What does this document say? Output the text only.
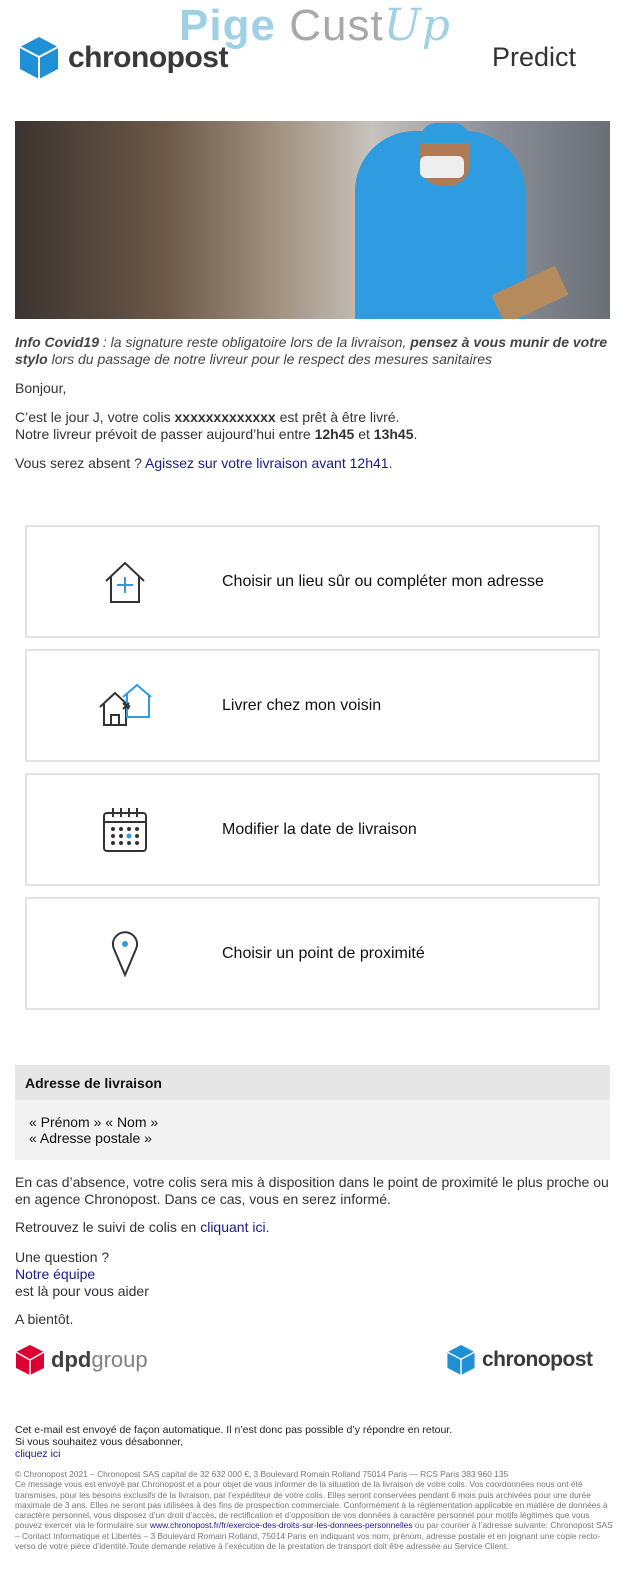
Pige CustUp
chronopost	Predict
Info Covid19 : la signature reste obligatoire lors de la livraison, pensez à vous munir de votre stylo lors du passage de notre livreur pour le respect des mesures sanitaires
Bonjour,
C’est le jour J, votre colis xxxxxxxxxxxxx est prêt à être livré.
Notre livreur prévoit de passer aujourd’hui entre 12h45 et 13h45.
Vous serez absent ? Agissez sur votre livraison avant 12h41.
Choisir un lieu sûr ou compléter mon adresse
Livrer chez mon voisin
Modifier la date de livraison
Choisir un point de proximité
Adresse de livraison
« Prénom » « Nom »
« Adresse postale »
En cas d’absence, votre colis sera mis à disposition dans le point de proximité le plus proche ou en agence Chronopost. Dans ce cas, vous en serez informé.
Retrouvez le suivi de colis en cliquant ici.
Une question ?
Notre équipe
est là pour vous aider
A bientôt.
dpd group	chronopost
Cet e-mail est envoyé de façon automatique. Il n’est donc pas possible d’y répondre en retour.
Si vous souhaitez vous désabonner,
cliquez ici
© Chronopost 2021 – Chronopost SAS capital de 32 632 000 €, 3 Boulevard Romain Rolland 75014 Paris — RCS Paris 383 960 135
Ce message vous est envoyé par Chronopost et a pour objet de vous informer de la situation de la livraison de votre colis. Vos coordonnées nous ont été transmises, pour les besoins exclusifs de la livraison, par l’expéditeur de votre colis. Elles seront conservées pendant 6 mois puis archivées pour une durée maximale de 3 ans. Elles ne seront pas utilisées à des fins de prospection commerciale. Conformément à la réglementation applicable en matière de données à caractère personnel, vous disposez d’un droit d’accès, de rectification et d’opposition de vos données à caractère personnel pour motifs légitimes que vous pouvez exercer via le formulaire sur www.chronopost.fr/fr/exercice-des-droits-sur-les-donnees-personnelles ou par courrier à l’adresse suivante: Chronopost SAS – Contact Informatique et Libertés – 3 Boulevard Romain Rolland, 75014 Paris en indiquant vos nom, prénom, adresse postale et en joignant une copie recto-verso de votre pièce d’identité.Toute demande relative à l’exécution de la prestation de transport doit être adressée au Service Client.
